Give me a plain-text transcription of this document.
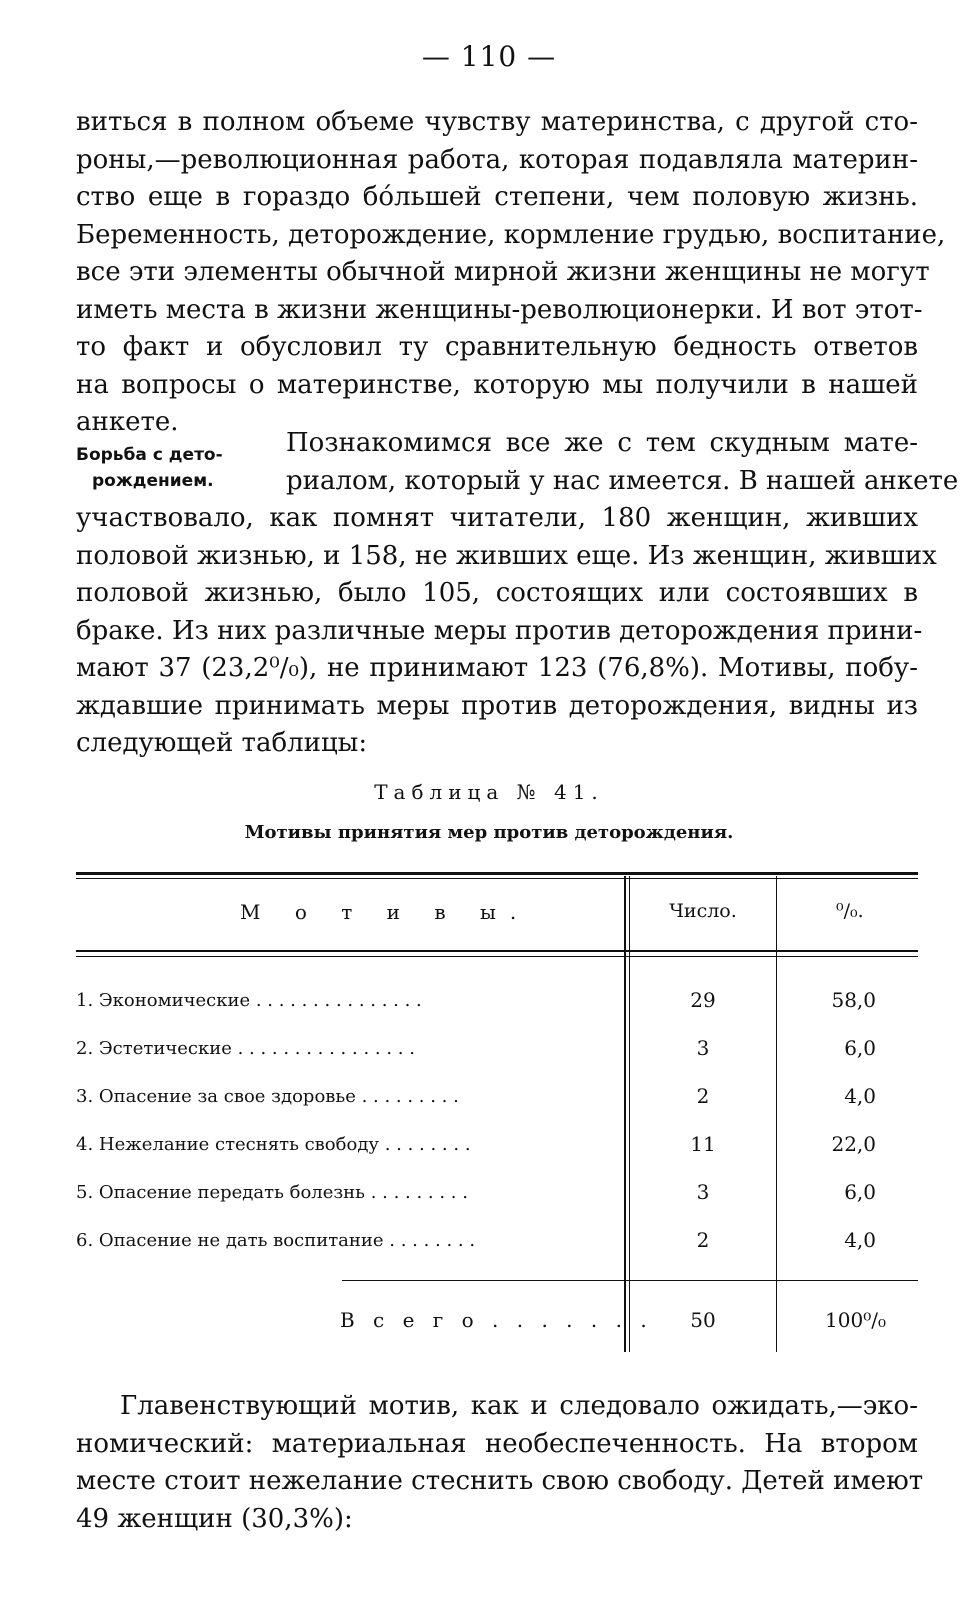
— 110 —
виться в полном объеме чувству материнства, с другой сто-
роны,—революционная работа, которая подавляла материн-
ство еще в гораздо бóльшей степени, чем половую жизнь.
Беременность, деторождение, кормление грудью, воспитание,
все эти элементы обычной мирной жизни женщины не могут
иметь места в жизни женщины-революционерки. И вот этот-
то факт и обусловил ту сравнительную бедность ответов
на вопросы о материнстве, которую мы получили в нашей
анкете.
Борьба с дето-
рождением.
Познакомимся все же с тем скудным мате-
риалом, который у нас имеется. В нашей анкете
участвовало, как помнят читатели, 180 женщин, живших
половой жизнью, и 158, не живших еще. Из женщин, живших
половой жизнью, было 105, состоящих или состоявших в
браке. Из них различные меры против деторождения прини-
мают 37 (23,2⁰/₀), не принимают 123 (76,8%). Мотивы, побу-
ждавшие принимать меры против деторождения, видны из
следующей таблицы:
Таблица № 41.
Мотивы принятия мер против деторождения.
М о т и в ы.	Число.	⁰/₀.
1. Экономические . . . . . . . . . . . . . . .	29	58,0
2. Эстетические . . . . . . . . . . . . . . . .	3	6,0
3. Опасение за свое здоровье . . . . . . . . .	2	4,0
4. Нежелание стеснять свободу . . . . . . . .	11	22,0
5. Опасение передать болезнь . . . . . . . . .	3	6,0
6. Опасение не дать воспитание . . . . . . . .	2	4,0
В с е г о . . . . . . .	50	100⁰/₀
Главенствующий мотив, как и следовало ожидать,—эко-
номический: материальная необеспеченность. На втором
месте стоит нежелание стеснить свою свободу. Детей имеют
49 женщин (30,3%):
